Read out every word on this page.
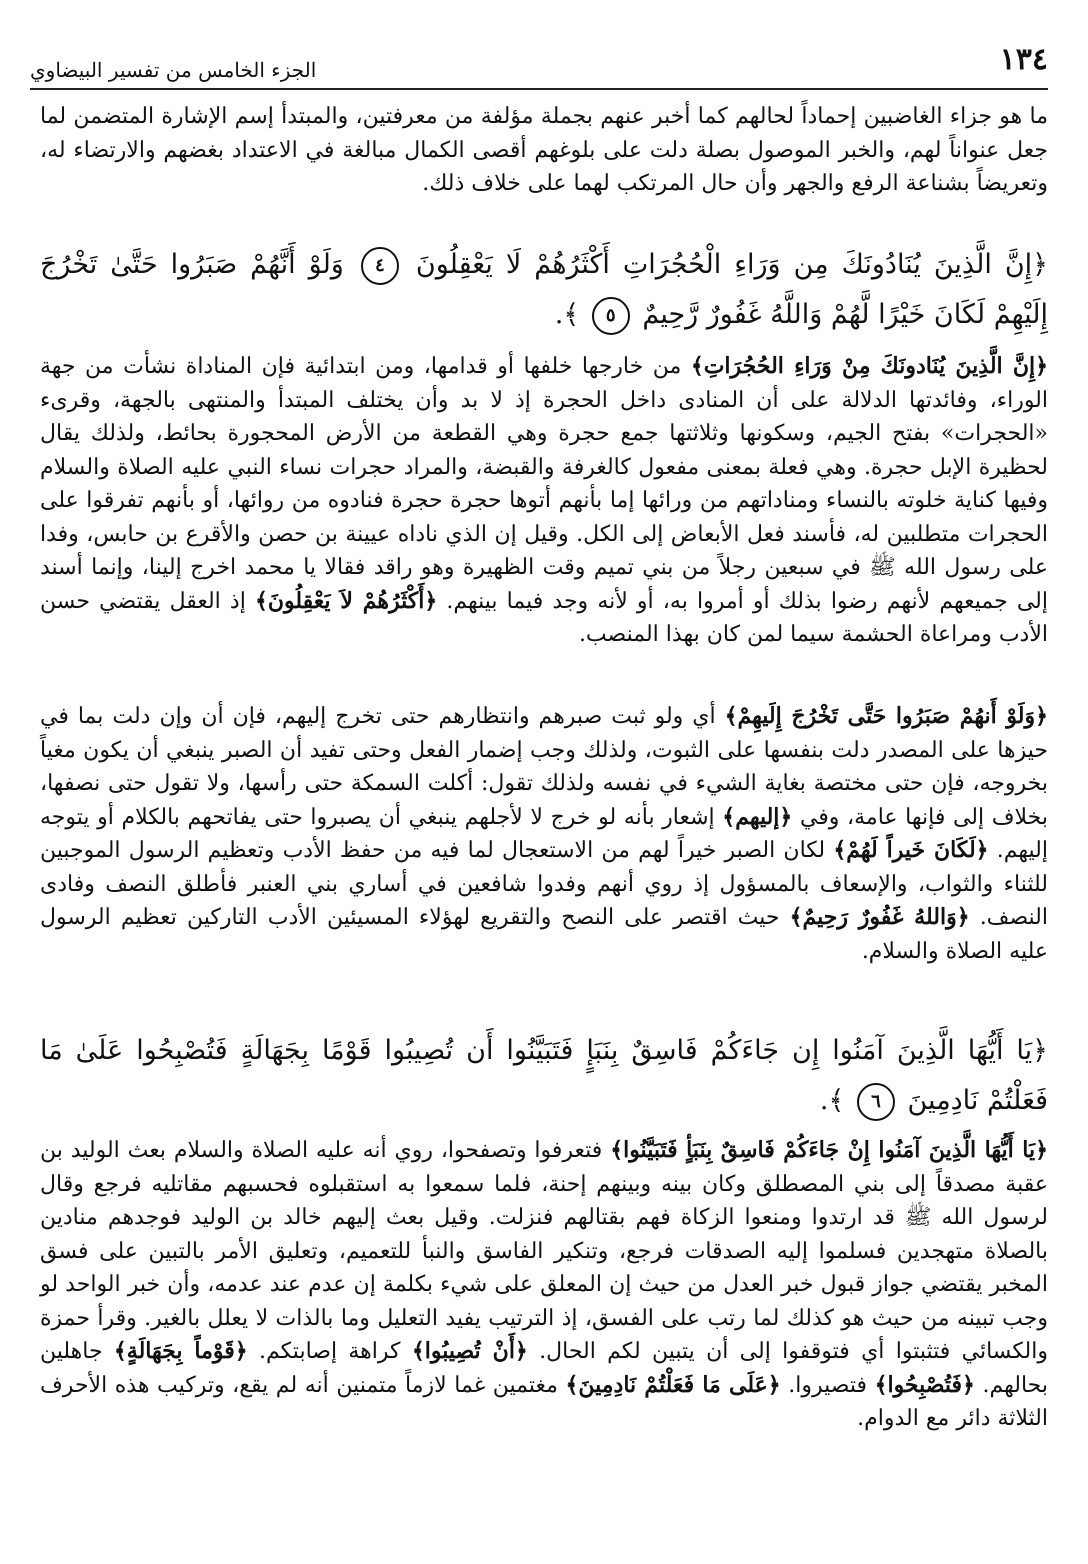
١٣٤
الجزء الخامس من تفسير البيضاوي

ما هو جزاء الغاضبين إحماداً لحالهم كما أخبر عنهم بجملة مؤلفة من معرفتين، والمبتدأ إسم الإشارة المتضمن لما جعل عنواناً لهم، والخبر الموصول بصلة دلت على بلوغهم أقصى الكمال مبالغة في الاعتداد بغضهم والارتضاء له، وتعريضاً بشناعة الرفع والجهر وأن حال المرتكب لهما على خلاف ذلك.

﴿إِنَّ الَّذِينَ يُنَادُونَكَ مِن وَرَاءِ الْحُجُرَاتِ أَكْثَرُهُمْ لَا يَعْقِلُونَ ٤ وَلَوْ أَنَّهُمْ صَبَرُوا حَتَّىٰ تَخْرُجَ إِلَيْهِمْ لَكَانَ خَيْرًا لَّهُمْ وَاللَّهُ غَفُورٌ رَّحِيمٌ ٥ ﴾.

﴿إِنَّ الَّذِينَ يُنَادونَكَ مِنْ وَرَاءِ الحُجُرَاتِ﴾ من خارجها خلفها أو قدامها، ومن ابتدائية فإن المناداة نشأت من جهة الوراء، وفائدتها الدلالة على أن المنادى داخل الحجرة إذ لا بد وأن يختلف المبتدأ والمنتهى بالجهة، وقرىء «الحجرات» بفتح الجيم، وسكونها وثلاثتها جمع حجرة وهي القطعة من الأرض المحجورة بحائط، ولذلك يقال لحظيرة الإبل حجرة. وهي فعلة بمعنى مفعول كالغرفة والقبضة، والمراد حجرات نساء النبي عليه الصلاة والسلام وفيها كناية خلوته بالنساء ومناداتهم من ورائها إما بأنهم أتوها حجرة حجرة فنادوه من روائها، أو بأنهم تفرقوا على الحجرات متطلبين له، فأسند فعل الأبعاض إلى الكل. وقيل إن الذي ناداه عيينة بن حصن والأقرع بن حابس، وفدا على رسول الله ﷺ في سبعين رجلاً من بني تميم وقت الظهيرة وهو راقد فقالا يا محمد اخرج إلينا، وإنما أسند إلى جميعهم لأنهم رضوا بذلك أو أمروا به، أو لأنه وجد فيما بينهم. ﴿أَكْثَرُهُمْ لاَ يَعْقِلُونَ﴾ إذ العقل يقتضي حسن الأدب ومراعاة الحشمة سيما لمن كان بهذا المنصب.

﴿وَلَوْ أَنهُمْ صَبَرُوا حَتَّى تَخْرُجَ إِلَيهِمْ﴾ أي ولو ثبت صبرهم وانتظارهم حتى تخرج إليهم، فإن أن وإن دلت بما في حيزها على المصدر دلت بنفسها على الثبوت، ولذلك وجب إضمار الفعل وحتى تفيد أن الصبر ينبغي أن يكون مغياً بخروجه، فإن حتى مختصة بغاية الشيء في نفسه ولذلك تقول: أكلت السمكة حتى رأسها، ولا تقول حتى نصفها، بخلاف إلى فإنها عامة، وفي ﴿إليهم﴾ إشعار بأنه لو خرج لا لأجلهم ينبغي أن يصبروا حتى يفاتحهم بالكلام أو يتوجه إليهم. ﴿لَكَانَ خَيراً لَهُمْ﴾ لكان الصبر خيراً لهم من الاستعجال لما فيه من حفظ الأدب وتعظيم الرسول الموجبين للثناء والثواب، والإسعاف بالمسؤول إذ روي أنهم وفدوا شافعين في أساري بني العنبر فأطلق النصف وفادى النصف. ﴿وَاللهُ غَفُورٌ رَحِيمٌ﴾ حيث اقتصر على النصح والتقريع لهؤلاء المسيئين الأدب التاركين تعظيم الرسول عليه الصلاة والسلام.

﴿يَا أَيُّهَا الَّذِينَ آمَنُوا إِن جَاءَكُمْ فَاسِقٌ بِنَبَإٍ فَتَبَيَّنُوا أَن تُصِيبُوا قَوْمًا بِجَهَالَةٍ فَتُصْبِحُوا عَلَىٰ مَا فَعَلْتُمْ نَادِمِينَ ٦ ﴾.

﴿يَا أَيُّهَا الَّذِينَ آمَنُوا إِنْ جَاءَكُمْ فَاسِقٌ بِنَبَأٍ فَتَبَيَّنُوا﴾ فتعرفوا وتصفحوا، روي أنه عليه الصلاة والسلام بعث الوليد بن عقبة مصدقاً إلى بني المصطلق وكان بينه وبينهم إحنة، فلما سمعوا به استقبلوه فحسبهم مقاتليه فرجع وقال لرسول الله ﷺ قد ارتدوا ومنعوا الزكاة فهم بقتالهم فنزلت. وقيل بعث إليهم خالد بن الوليد فوجدهم منادين بالصلاة متهجدين فسلموا إليه الصدقات فرجع، وتنكير الفاسق والنبأ للتعميم، وتعليق الأمر بالتبين على فسق المخبر يقتضي جواز قبول خبر العدل من حيث إن المعلق على شيء بكلمة إن عدم عند عدمه، وأن خبر الواحد لو وجب تبينه من حيث هو كذلك لما رتب على الفسق، إذ الترتيب يفيد التعليل وما بالذات لا يعلل بالغير. وقرأ حمزة والكسائي فتثبتوا أي فتوقفوا إلى أن يتبين لكم الحال. ﴿أَنْ تُصِيبُوا﴾ كراهة إصابتكم. ﴿قَوْماً بِجَهَالَةٍ﴾ جاهلين بحالهم. ﴿فَتُصْبِحُوا﴾ فتصيروا. ﴿عَلَى مَا فَعَلْتُمْ نَادِمِينَ﴾ مغتمين غما لازماً متمنين أنه لم يقع، وتركيب هذه الأحرف الثلاثة دائر مع الدوام.
